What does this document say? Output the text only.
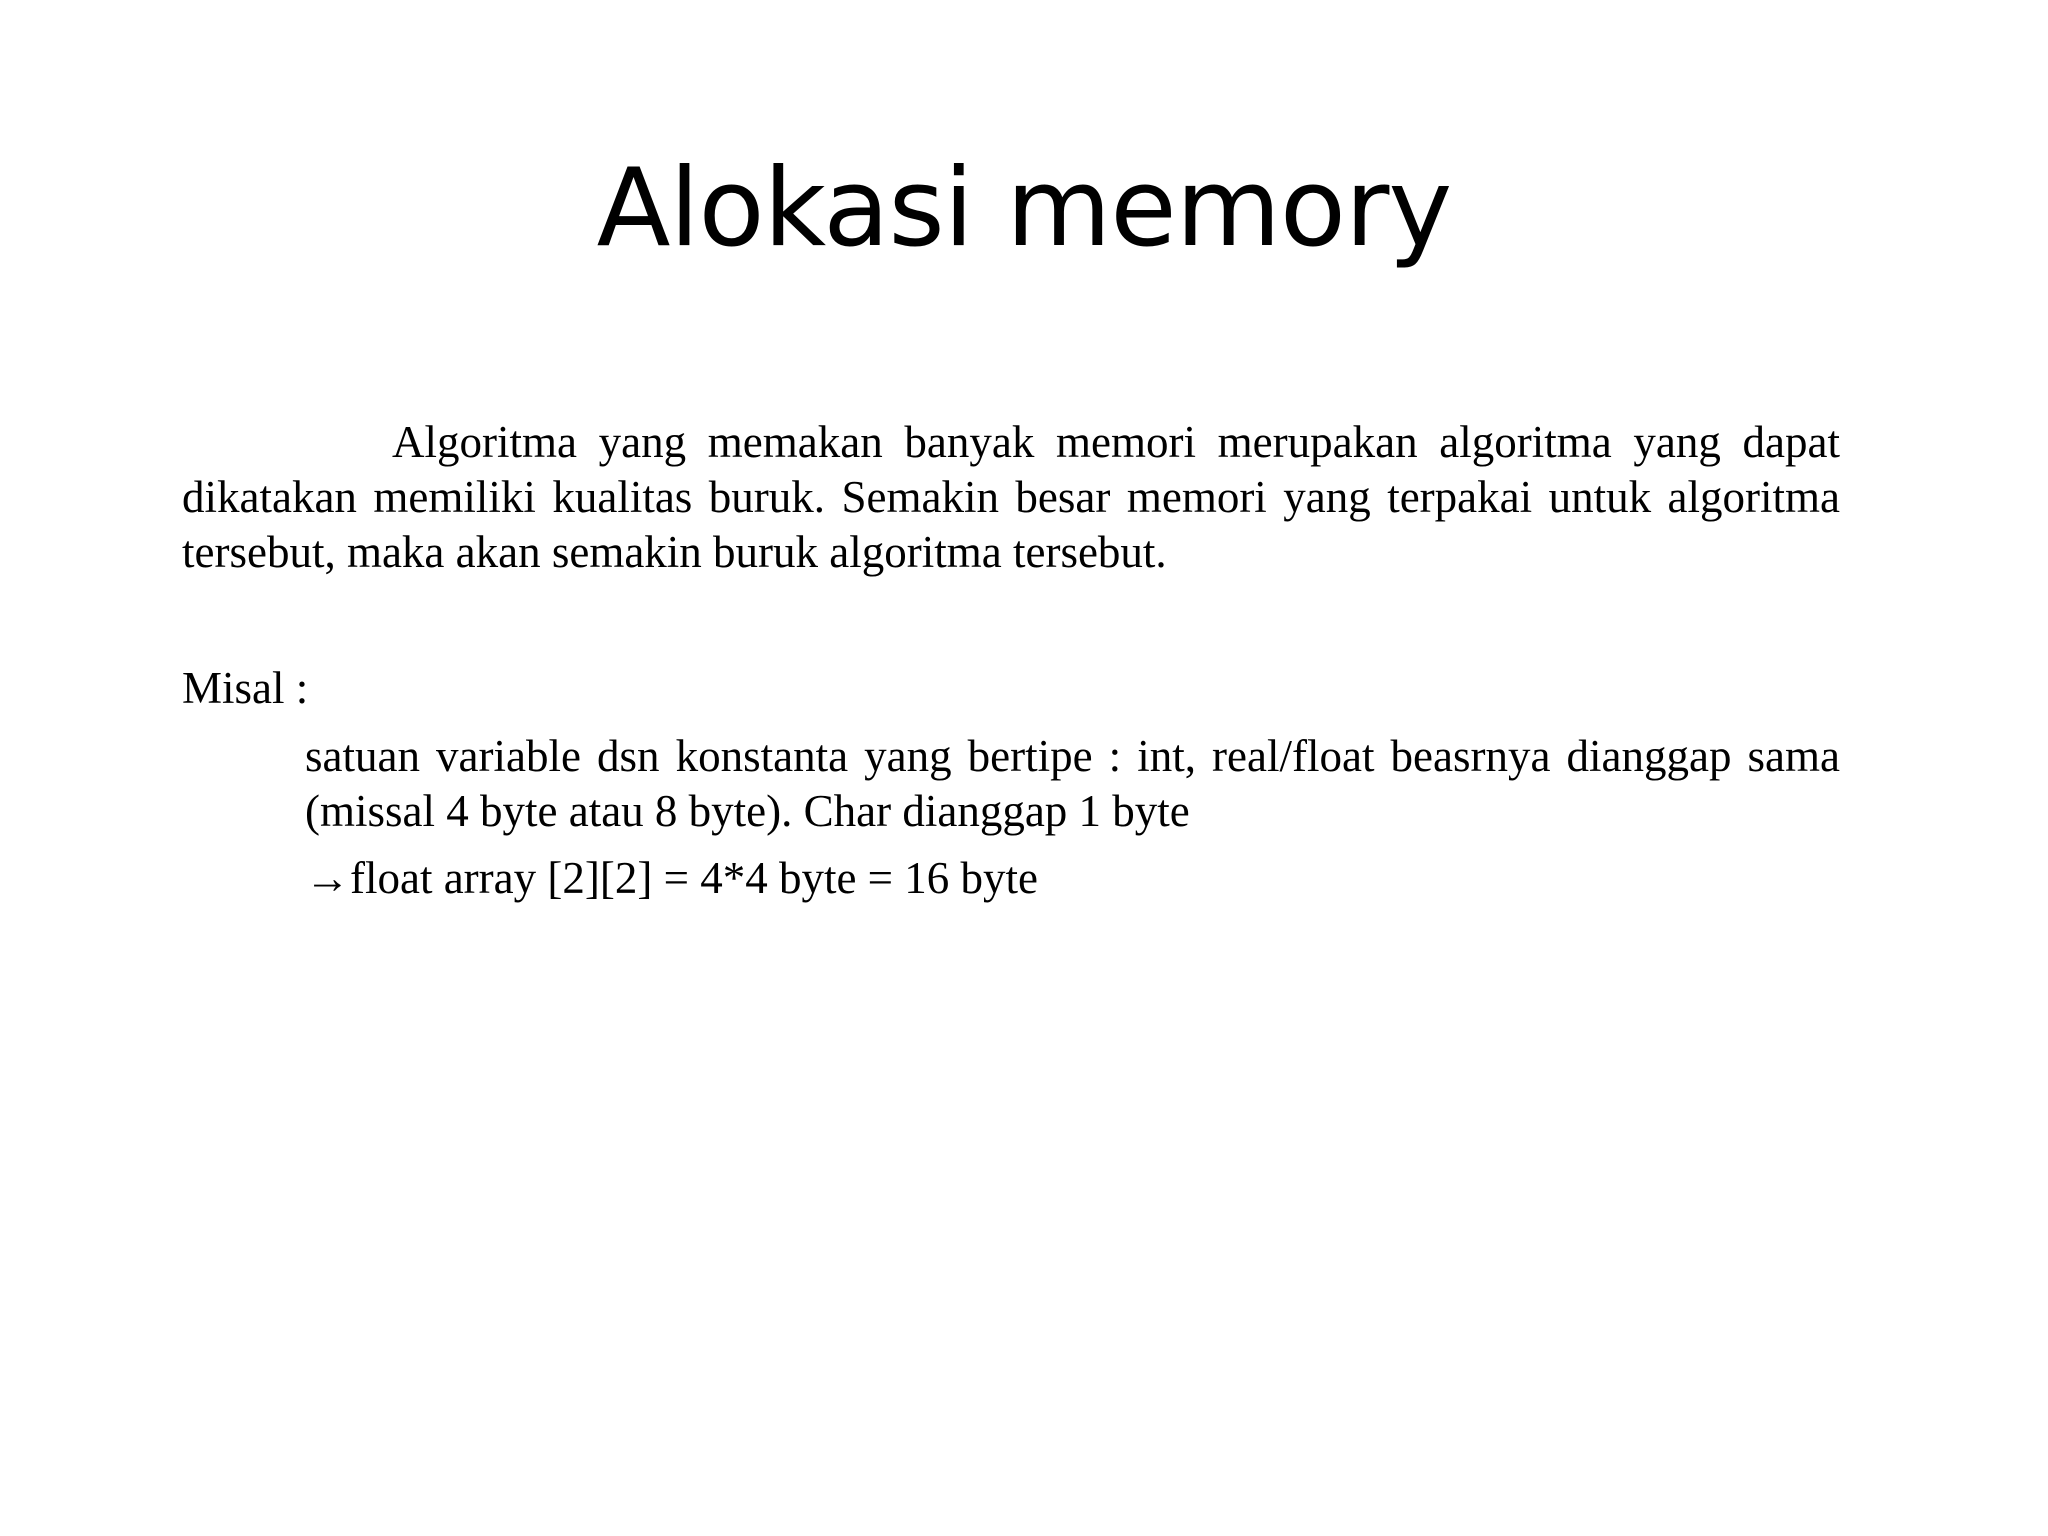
Alokasi memory

Algoritma yang memakan banyak memori merupakan algoritma yang dapat dikatakan memiliki kualitas buruk. Semakin besar memori yang terpakai untuk algoritma tersebut, maka akan semakin buruk algoritma tersebut.

Misal :

satuan variable dsn konstanta yang bertipe : int, real/float beasrnya dianggap sama (missal 4 byte atau 8 byte). Char dianggap 1 byte

→float array [2][2] = 4*4 byte = 16 byte
